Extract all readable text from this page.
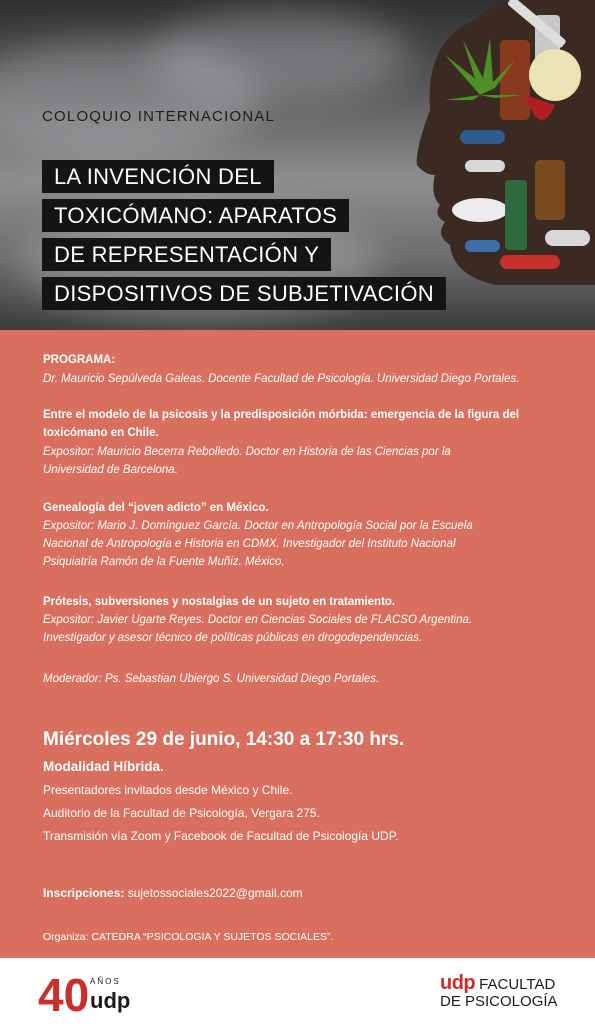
COLOQUIO INTERNACIONAL
LA INVENCIÓN DEL
TOXICÓMANO: APARATOS
DE REPRESENTACIÓN Y
DISPOSITIVOS DE SUBJETIVACIÓN
PROGRAMA:
Dr. Mauricio Sepúlveda Galeas. Docente Facultad de Psicología. Universidad Diego Portales.
Entre el modelo de la psicosis y la predisposición mórbida: emergencia de la figura del
toxicómano en Chile.
Expositor: Mauricio Becerra Rebolledo. Doctor en Historia de las Ciencias por la
Universidad de Barcelona.
Genealogía del “joven adicto” en México.
Expositor: Mario J. Domínguez García. Doctor en Antropología Social por la Escuela
Nacional de Antropología e Historia en CDMX. Investigador del Instituto Nacional
Psiquiatría Ramón de la Fuente Muñiz. México.
Prótesis, subversiones y nostalgias de un sujeto en tratamiento.
Expositor: Javier Ugarte Reyes. Doctor en Ciencias Sociales de FLACSO Argentina.
Investigador y asesor técnico de políticas públicas en drogodependencias.
Moderador: Ps. Sebastian Ubiergo S. Universidad Diego Portales.
Miércoles 29 de junio, 14:30 a 17:30 hrs.
Modalidad Híbrida.
Presentadores invitados desde México y Chile.
Auditorio de la Facultad de Psicología, Vergara 275.
Transmisión vía Zoom y Facebook de Facultad de Psicología UDP.
Inscripciones: sujetossociales2022@gmail.com
Organiza: CATEDRA “PSICOLOGIA Y SUJETOS SOCIALES”.
40 AÑOS
udp
udp FACULTAD
DE PSICOLOGÍA
